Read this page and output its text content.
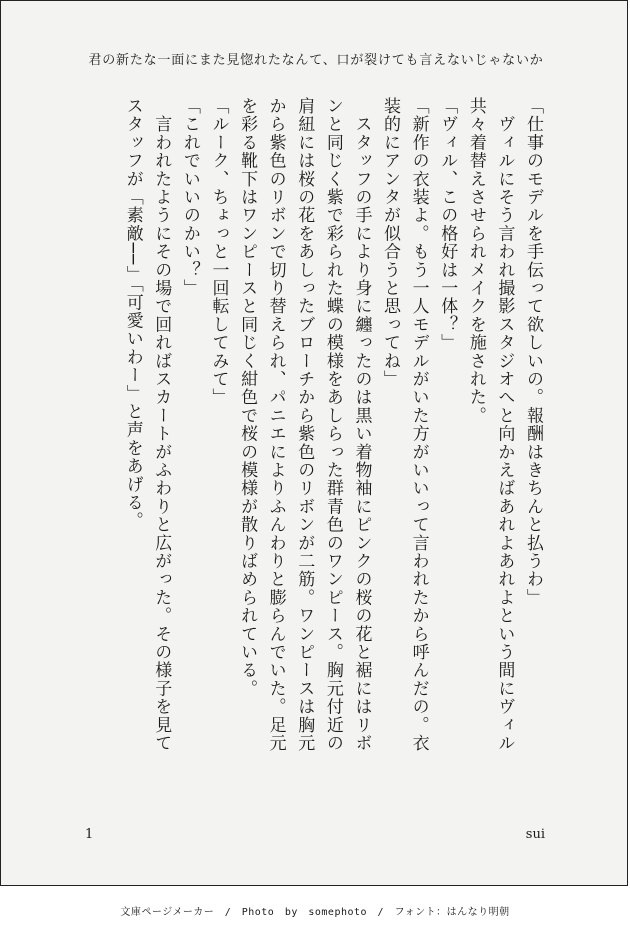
君の新たな一面にまた見惚れたなんて、口が裂けても言えないじゃないか
「仕事のモデルを手伝って欲しいの。報酬はきちんと払うわ」
　ヴィルにそう言われ撮影スタジオへと向かえばあれよあれよという間にヴィル
共々着替えさせられメイクを施された。
「ヴィル、この格好は一体？」
「新作の衣装よ。もう一人モデルがいた方がいいって言われたから呼んだの。衣
装的にアンタが似合うと思ってね」
　スタッフの手により身に纏ったのは黒い着物袖にピンクの桜の花と裾にはリボ
ンと同じく紫で彩られた蝶の模様をあしらった群青色のワンピース。胸元付近の
肩紐には桜の花をあしったブローチから紫色のリボンが二筋。ワンピースは胸元
から紫色のリボンで切り替えられ、パニエによりふんわりと膨らんでいた。足元
を彩る靴下はワンピースと同じく紺色で桜の模様が散りばめられている。
「ルーク、ちょっと一回転してみて」
「これでいいのかい？」
　言われたようにその場で回ればスカートがふわりと広がった。その様子を見て
スタッフが「素敵──」「可愛いわー」と声をあげる。
1	sui
文庫ページメーカー　/　Photo　by　somephoto　/　フォント：はんなり明朝
